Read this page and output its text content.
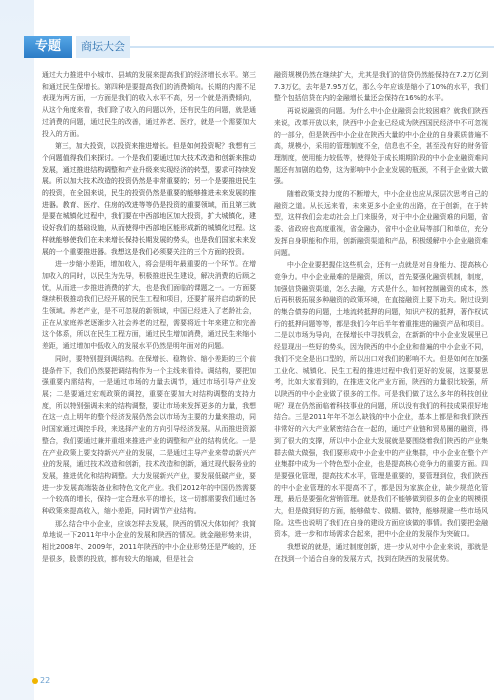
专题	商坛大会

通过大力推进中小城市、县域的发展来提高我们的经济增长水平。第三和通过民生保增长。第四种是要提高我们的消费倾向。长期的内需不足表现为两方面，一方面是我们的收入水平不高，另一个就是消费倾向，从这个角度来看，我们除了收入的问题以外，还有民生的问题，就是通过消费的问题，通过民生的改善，通过养老、医疗，就是一个需要加大投入的方面。

第三，加大投资，以投资来推进增长。但是如何投资呢？我想有三个问题值得我们来探讨。一个是我们要通过加大技术改造和创新来推动发展，通过推进结构调整和产业升级来实现经济的转型，要求可持续发展。所以加大技术改造的投资仍然是非常重要的；另一个是要推进民生的投资，在全国来说，民生的投资仍然是重要的能够推进未来发展的推进器。教育、医疗、住房的改进等等仍是投资的重要领域，而且第三就是要在城镇化过程中，我们要在中西部地区加大投资，扩大城镇化，建设好我们的基础设施，从而使得中西部地区能形成新的城镇化过程。这样就能够使我们在未来增长保持长期发展的势头，也是我们国家未来发展的一个重要推进器。我想这是我们必须要关注的三个方面的投资。

进一步缩小差距，增加收入，将会是明年最重要的一个环节。在增加收入的同时，以民生为先导，积极推进民生建设，解决消费的后顾之忧，从而进一步推进消费的扩大，也是我们面临的课题之一。一方面要继续积极推动我们已经开展的民生工程和项目，还要扩展并启动新的民生领域。养老产业，是不可忽视的新领域，中国已经进入了老龄社会，正在从家庭养老逐渐步入社会养老的过程，需要将近十年来建立和完善这个体系，所以在民生工程方面，通过民生增加消费，通过民生来缩小差距，通过增加中低收入的发展水平仍然是明年面对的问题。

同时，要特别提到调结构。在保增长、稳物价、缩小差距的三个前提条件下，我们仍然要把调结构作为一个主线来看待。调结构，要把加强重要内需结构，一是通过市场的力量去调节，通过市场引导产业发展；二是要通过宏观政策的调控，重要在要加大对结构调整的支持力度，所以特别强调未来的结构调整，要让市场来发挥更多的力量，我想在这一点上明年的整个经济发展仍然会以市场为主要的力量来推动，同时国家通过调控手段，来选择产业的方向引导经济发展。从而推进资源整合，我们要通过兼并重组来推进产业的调整和产业的结构优化。一是在产业政策上要支持新兴产业的发展，二是通过主导产业来带动新兴产业的发展，通过技术改造和创新，技术改造和创新，通过现代服务业的发展，推进优化和结构调整。大力发展新兴产业，要发展低碳产业，要进一步发展高端装备业和特色文化产业。我们2012年的中国仍然需要一个较高的增长，保持一定合理水平的增长，这一切都需要我们通过各种政策来提高收入，缩小差距，同时调节产业结构。

那么结合中小企业，应该怎样去发展，陕西的情况大体如何？我简单地说一下2011年中小企业的发展和陕西的情况。就金融形势来讲，相比2008年、2009年，2011年陕西的中小企业形势还是严峻的，还是很多，股票的投放，都有较大的缩减，但是社会

融资规模仍然在继续扩大，尤其是我们的信贷仍然能保持在7.2万亿到7.3万亿，去年是7.95万亿，那么今年应该是缩小了10%的水平，我们整个包括信贷在内的金融增长量还会保持在16%的水平。

再说说融资的问题。为什么中小企业融资会比较困难？就我们陕西来说，改革开放以来，陕西中小企业已经成为陕西国民经济中不可忽视的一部分，但是陕西中小企业在陕西大量的中小企业的自身素质普遍不高，规模小，采用的管理制度不全，信息也不全，甚至没有好的财务管理制度，使用能力较低等，使得处于成长期期阶段的中小企业融资难问题还有加剧的趋势，这为影响中小企业发展的瓶颈，不利于企业做大做强。

随着政策支持力度的不断增大，中小企业也应从深层次思考自己的融资之道。从长远来看，未来更多小企业的出路，在于创新，在于转型，这样我们会走动社会上门来服务，对于中小企业融资难的问题，省委、省政府也高度重视，省金融办，省中小企业局等部门和单位，充分发挥自身职能和作用，创新融资渠道和产品，积极缓解中小企业融资难问题。

中小企业要把握住这些机会，还有一点就是对自身能力、提高核心竞争力。中小企业最难的是融资，所以，首先要强化融资机制，制度，加强信贷融资渠道，怎么去融，方式是什么，如何控制融资的成本，然后再积极拓展多种融资的政策环境，在直接融资上要下功夫。附过设到的集合债券的问题，土地流转抵押的问题，知识产权的抵押，著作权试行的抵押问题等等，都是我们今年后半年着重推进的融资产品和项目。二是以市场为导向，在保增长中寻找机会，在新新的中小企业发展里已经显现出一些好的势头，因为陕西的中小企业和普遍的中小企业不同，我们不完全是出口型的，所以出口对我们的影响不大。但是如何在加强工业化、城镇化、民生工程的推进过程中我们更好的发展，这要要思考，比如大家看到的，在推进文化产业方面，陕西的力量很比较强，所以陕西的中小企业做了很多的工作。可是我们做了这么多年的科技创业呢？现在仍然面临着科技事业的问题，所以没有我们的科技成果很好地结合。三是2011年年不怎么缺钱的中小企业，基本上都是和我们陕西非常好的六大产业紧密结合在一起的，通过产业链和贸易圈的融资，得到了很大的支撑，所以中小企业大发展就是要围绕着我们陕西的产业集群去做大做强，我们要形成中小企业中的产业集群，中小企业在整个产业集群中成为一个特色型小企业，也是提高核心竞争力的重要方面。四是要强化管理，提高技术水平，管理是重要的，要管理到位，我们陕西的中小企业管理的水平提高不了，都是因为家族企业，缺少规范化管理，最后是要强化营销管理。就是我们不能够做到很多的企业的规模很大，但是做到好的方面，能够做专、做精、做特，能够规避一些市场风险。这些也说明了我们在自身的建设方面应该做的事情。我们要把金融资本，进一步和市场需求合起来，把中小企业的发展作为突破口。

我想说的就是，通过制度创新，进一步从对中小企业来说，那就是在找到一个适合自身的发展方式，找到在陕西的发展优势。

22
